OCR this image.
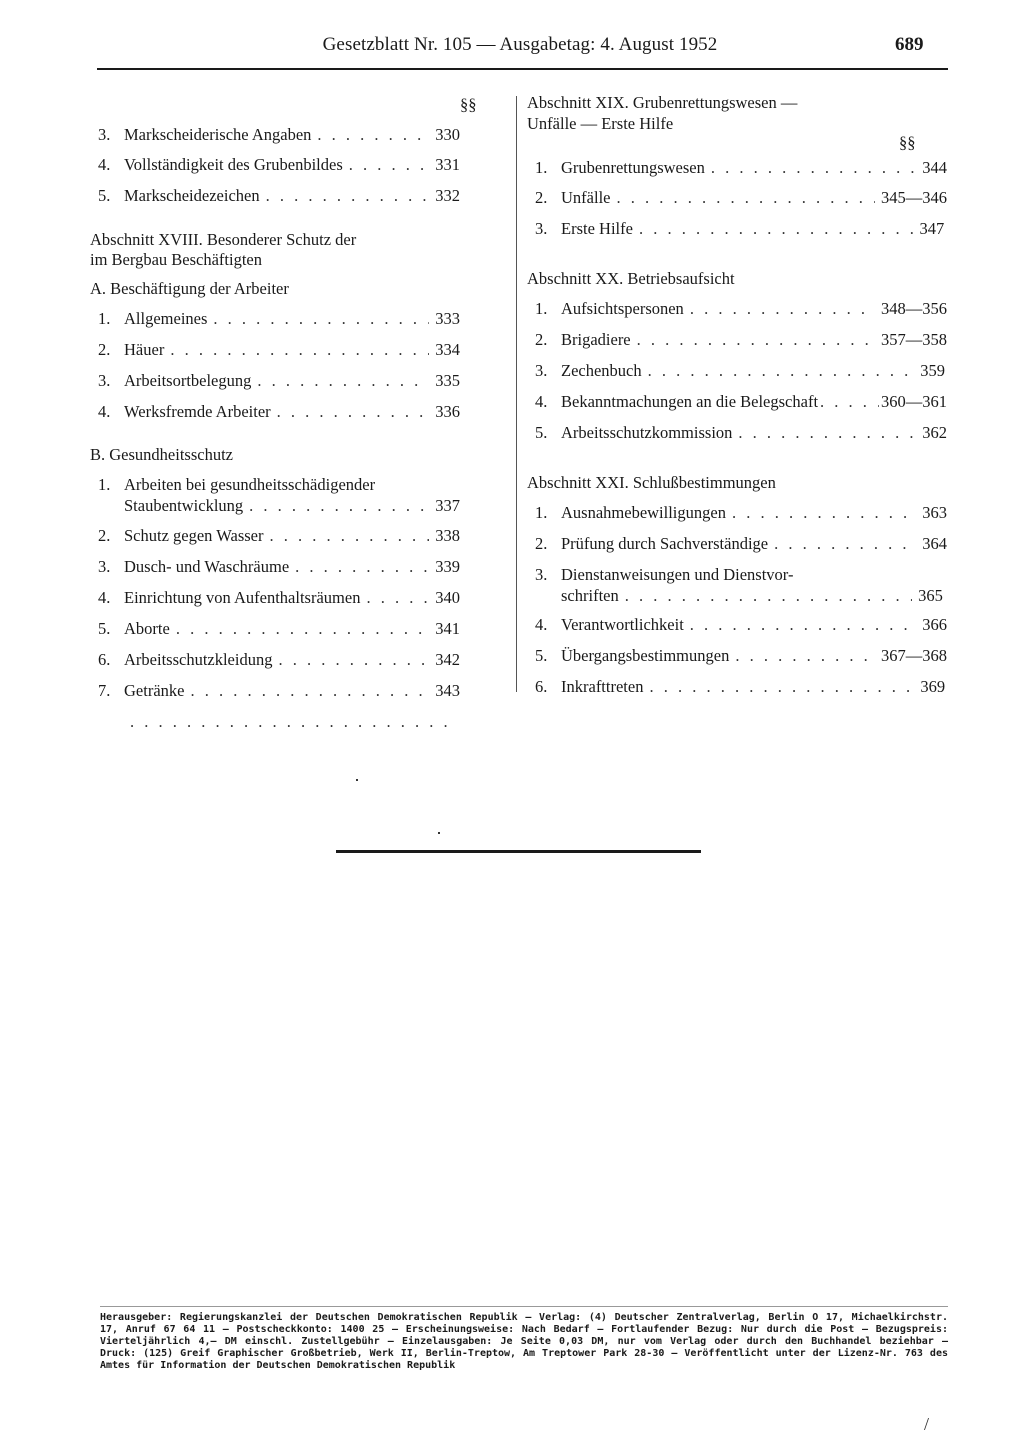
Gesetzblatt Nr. 105 — Ausgabetag: 4. August 1952	689
§§
3. Markscheiderische Angaben . . .	330
4. Vollständigkeit des Grubenbildes . . .	331
5. Markscheidezeichen . . .	332
Abschnitt XVIII. Besonderer Schutz der
im Bergbau Beschäftigten
A. Beschäftigung der Arbeiter
1. Allgemeines . . .	333
2. Häuer . . .	334
3. Arbeitsortbelegung . . .	335
4. Werksfremde Arbeiter . . .	336
B. Gesundheitsschutz
1. Arbeiten bei gesundheitsschädigender
Staubentwicklung . . .	337
2. Schutz gegen Wasser . . .	338
3. Dusch- und Waschräume . . .	339
4. Einrichtung von Aufenthaltsräumen . . .	340
5. Aborte . . .	341
6. Arbeitsschutzkleidung . . .	342
7. Getränke . . .	343
. . .
Abschnitt XIX. Grubenrettungswesen —
Unfälle — Erste Hilfe
§§
1. Grubenrettungswesen . . .	344
2. Unfälle . . .	345—346
3. Erste Hilfe . . .	347
Abschnitt XX. Betriebsaufsicht
1. Aufsichtspersonen . . .	348—356
2. Brigadiere . . .	357—358
3. Zechenbuch . . .	359
4. Bekanntmachungen an die Belegschaft . . .	360—361
5. Arbeitsschutzkommission . . .	362
Abschnitt XXI. Schlußbestimmungen
1. Ausnahmebewilligungen . . .	363
2. Prüfung durch Sachverständige . . .	364
3. Dienstanweisungen und Dienstvor-
schriften . . .	365
4. Verantwortlichkeit . . .	366
5. Übergangsbestimmungen . . .	367—368
6. Inkrafttreten . . .	369
Herausgeber: Regierungskanzlei der Deutschen Demokratischen Republik — Verlag: (4) Deutscher Zentralverlag, Berlin O 17, Michaelkirchstr. 17, Anruf 67 64 11 — Postscheckkonto: 1400 25 — Erscheinungsweise: Nach Bedarf — Fortlaufender Bezug: Nur durch die Post — Bezugspreis: Vierteljährlich 4,— DM einschl. Zustellgebühr — Einzelausgaben: Je Seite 0,03 DM, nur vom Verlag oder durch den Buchhandel beziehbar — Druck: (125) Greif Graphischer Großbetrieb, Werk II, Berlin-Treptow, Am Treptower Park 28-30 — Veröffentlicht unter der Lizenz-Nr. 763 des Amtes für Information der Deutschen Demokratischen Republik
/
